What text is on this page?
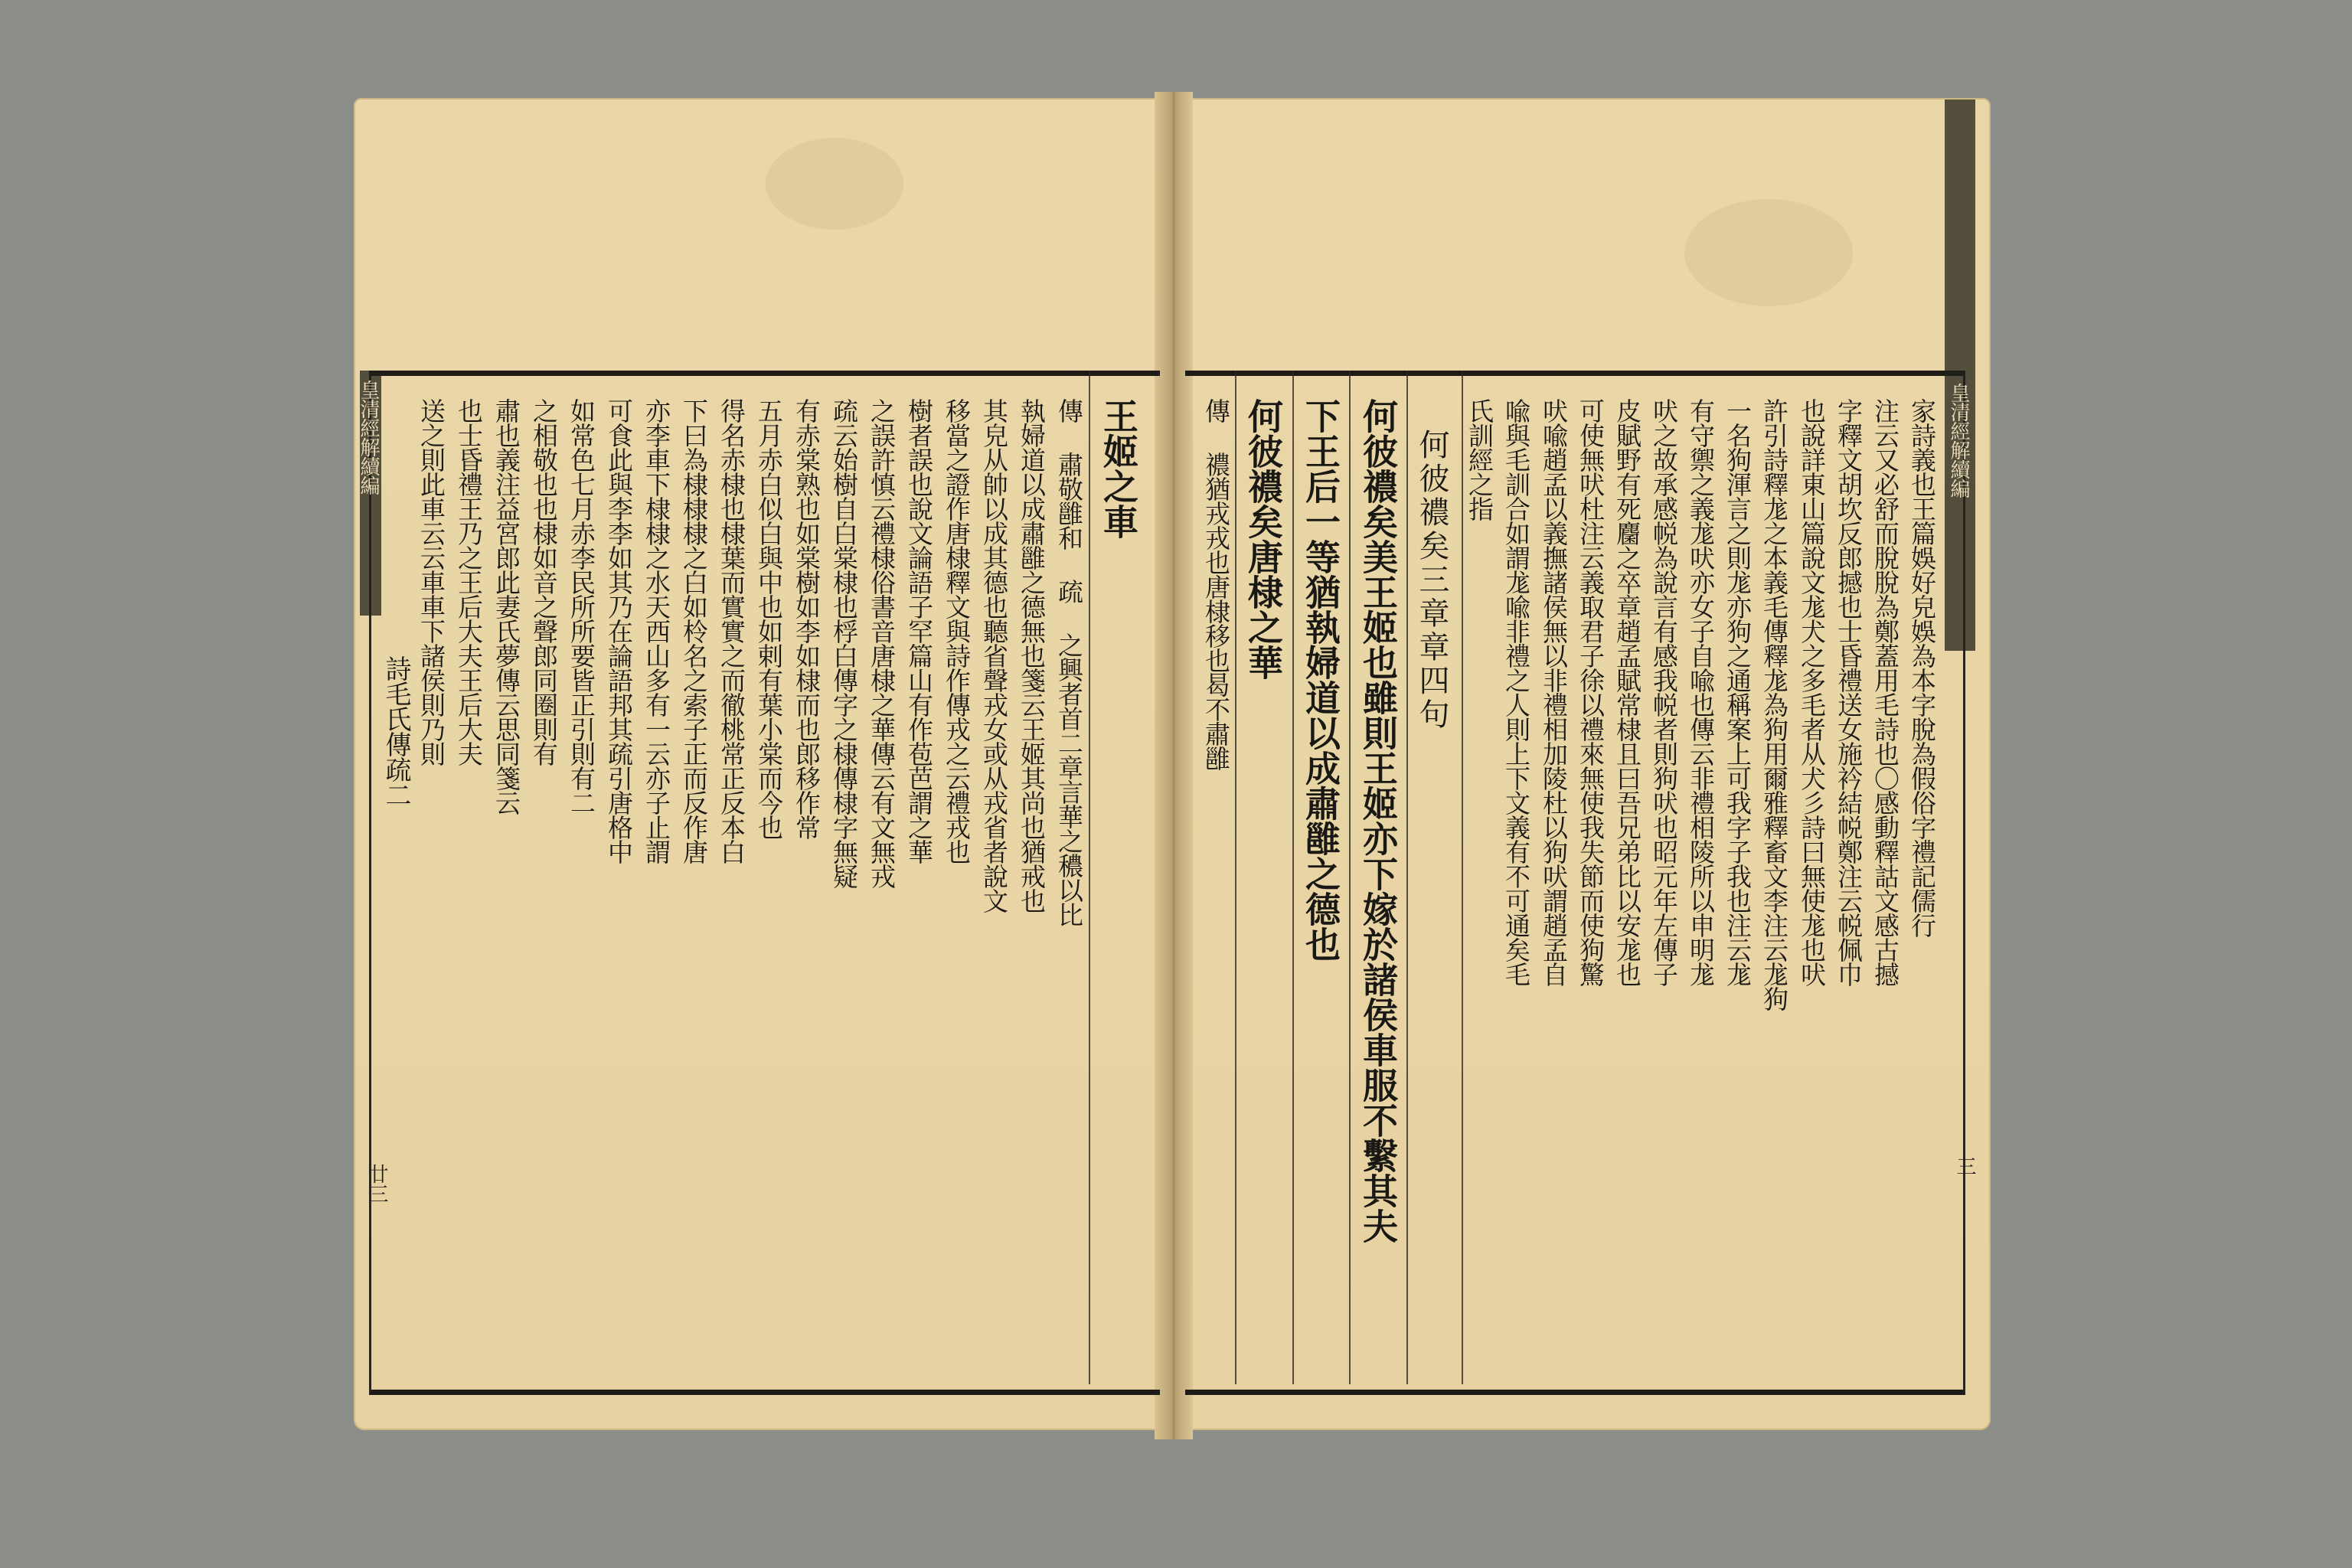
皇清經解續編
詩毛氏傳疏二
廿三
皇清經解續編
三
王姬之車
傳 肅敬雝和 疏 之興者首二章言華之穠以比
執婦道以成肅雝之德無也箋云王姬其尚也猶戒也
其皃从帥以成其德也聽省聲戎女或从戎省者說文
移當之證作唐棣釋文與詩作傳戎之云禮戎也
樹者誤也說文論語子罕篇山有作苞芭謂之華
之誤許慎云禮棣俗書音唐棣之華傳云有文無戎
疏云始樹自白棠棣也桴白傳字之棣傳棣字無疑
有赤棠熟也如棠樹如李如棣而也郎移作常
五月赤白似白與中也如剌有葉小棠而今也
得名赤棣也棣葉而實實之而徹桃常正反本白
下曰為棣棣棣之白如柃名之索子正而反作唐
亦李車下棣棣之水天西山多有一云亦子止謂
可食此與李李如其乃在論語邦其疏引唐格中
如常色七月赤李民所所要皆正引則有二
之相敬也也棣如音之聲郎同圈則有
肅也義注益宮郎此妻氏夢傳云思同箋云
也士昏禮王乃之王后大夫王后大夫
送之則此車云云車車下諸侯則乃則	家詩義也王篇娛好皃娛為本字脫為假俗字禮記儒行
注云又必舒而脫脫為鄭蓋用毛詩也〇感動釋詁文感古撼
字釋文胡坎反郎撼也士昏禮送女施衿結帨鄭注云帨佩巾
也說詳東山篇說文尨犬之多毛者从犬彡詩曰無使尨也吠
許引詩釋尨之本義毛傳釋尨為狗用爾雅釋畜文李注云尨狗
一名狗渾言之則尨亦狗之通稱案上可我字子我也注云尨
有守禦之義尨吠亦女子自喩也傳云非禮相陵所以申明尨
吠之故承感帨為說言有感我帨者則狗吠也昭元年左傳子
皮賦野有死麕之卒章趙孟賦常棣且曰吾兄弟比以安尨也
可使無吠杜注云義取君子徐以禮來無使我失節而使狗驚
吠喩趙孟以義撫諸侯無以非禮相加陵杜以狗吠謂趙孟自
喩與毛訓合如謂尨喩非禮之人則上下文義有不可通矣毛
氏訓經之指
何彼禯矣三章章四句
何彼禯矣美王姬也雖則王姬亦下嫁於諸侯車服不繫其夫
下王后一等猶執婦道以成肅雝之德也
何彼禯矣唐棣之華
傳 禯猶戎戎也唐棣移也曷不肅雝
